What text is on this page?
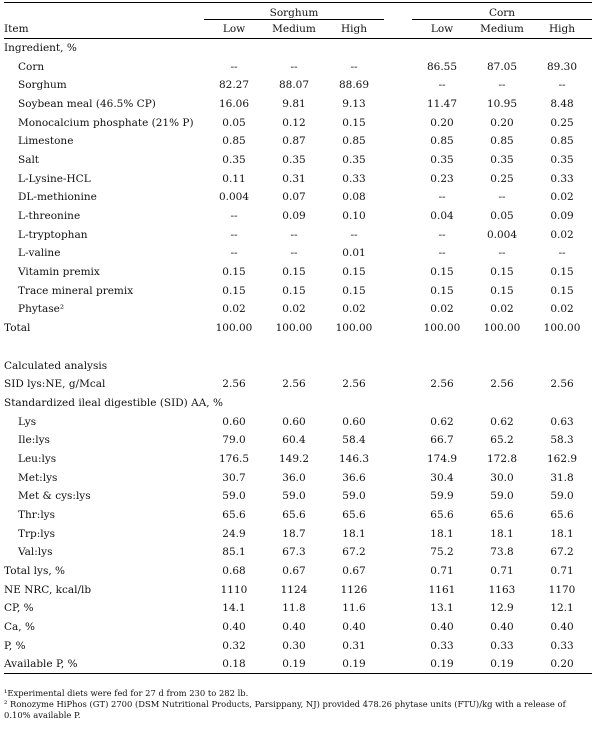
	Sorghum				Corn		
Item	Low	Medium	High		Low	Medium	High
Ingredient, %							
Corn	--	--	--		86.55	87.05	89.30
Sorghum	82.27	88.07	88.69		--	--	--
Soybean meal (46.5% CP)	16.06	9.81	9.13		11.47	10.95	8.48
Monocalcium phosphate (21% P)	0.05	0.12	0.15		0.20	0.20	0.25
Limestone	0.85	0.87	0.85		0.85	0.85	0.85
Salt	0.35	0.35	0.35		0.35	0.35	0.35
L-Lysine-HCL	0.11	0.31	0.33		0.23	0.25	0.33
DL-methionine	0.004	0.07	0.08		--	--	0.02
L-threonine	--	0.09	0.10		0.04	0.05	0.09
L-tryptophan	--	--	--		--	0.004	0.02
L-valine	--	--	0.01		--	--	--
Vitamin premix	0.15	0.15	0.15		0.15	0.15	0.15
Trace mineral premix	0.15	0.15	0.15		0.15	0.15	0.15
Phytase²	0.02	0.02	0.02		0.02	0.02	0.02
Total	100.00	100.00	100.00		100.00	100.00	100.00

Calculated analysis							
SID lys:NE, g/Mcal	2.56	2.56	2.56		2.56	2.56	2.56
Standardized ileal digestible (SID) AA, %							
Lys	0.60	0.60	0.60		0.62	0.62	0.63
Ile:lys	79.0	60.4	58.4		66.7	65.2	58.3
Leu:lys	176.5	149.2	146.3		174.9	172.8	162.9
Met:lys	30.7	36.0	36.6		30.4	30.0	31.8
Met & cys:lys	59.0	59.0	59.0		59.9	59.0	59.0
Thr:lys	65.6	65.6	65.6		65.6	65.6	65.6
Trp:lys	24.9	18.7	18.1		18.1	18.1	18.1
Val:lys	85.1	67.3	67.2		75.2	73.8	67.2
Total lys, %	0.68	0.67	0.67		0.71	0.71	0.71
NE NRC, kcal/lb	1110	1124	1126		1161	1163	1170
CP, %	14.1	11.8	11.6		13.1	12.9	12.1
Ca, %	0.40	0.40	0.40		0.40	0.40	0.40
P, %	0.32	0.30	0.31		0.33	0.33	0.33
Available P, %	0.18	0.19	0.19		0.19	0.19	0.20

¹Experimental diets were fed for 27 d from 230 to 282 lb.

² Ronozyme HiPhos (GT) 2700 (DSM Nutritional Products, Parsippany, NJ) provided 478.26 phytase units (FTU)/kg with a release of 0.10% available P.
